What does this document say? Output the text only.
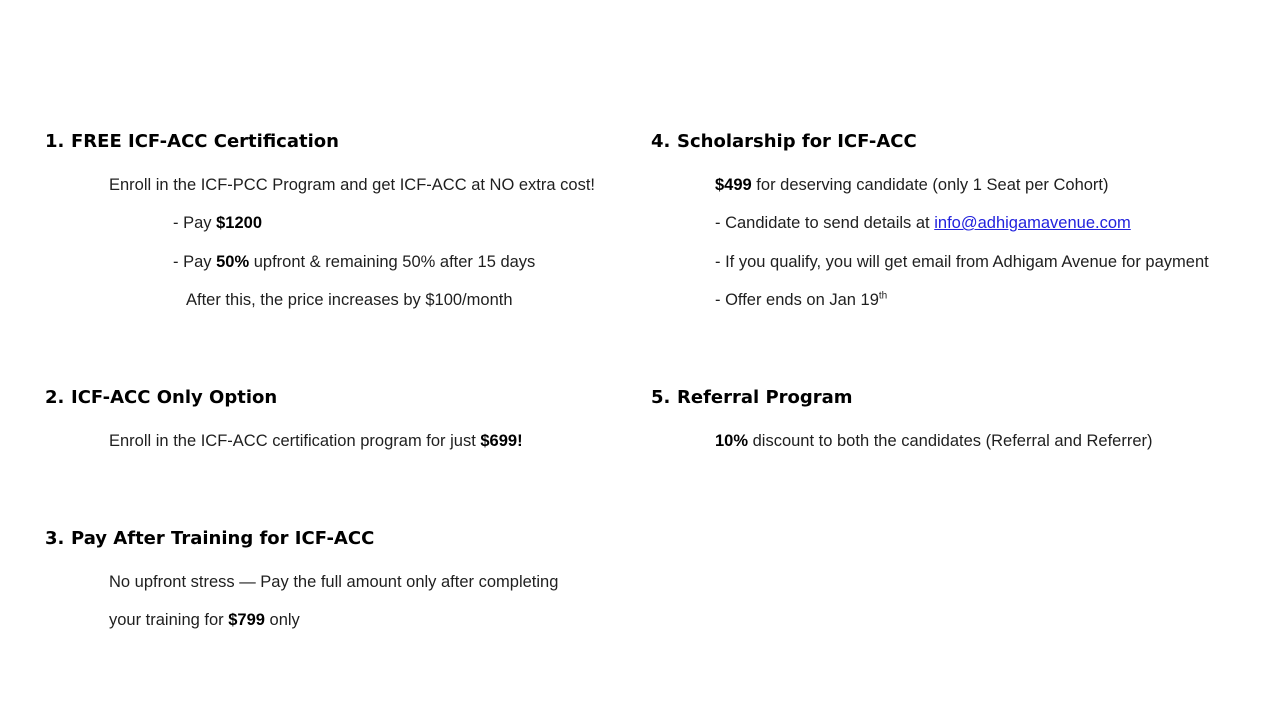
1. FREE ICF-ACC Certification
Enroll in the ICF-PCC Program and get ICF-ACC at NO extra cost!
- Pay $1200
- Pay 50% upfront & remaining 50% after 15 days
After this, the price increases by $100/month
2. ICF-ACC Only Option
Enroll in the ICF-ACC certification program for just $699!
3. Pay After Training for ICF-ACC
No upfront stress — Pay the full amount only after completing
your training for $799 only
4. Scholarship for ICF-ACC
$499 for deserving candidate (only 1 Seat per Cohort)
- Candidate to send details at info@adhigamavenue.com
- If you qualify, you will get email from Adhigam Avenue for payment
- Offer ends on Jan 19th
5. Referral Program
10% discount to both the candidates (Referral and Referrer)
